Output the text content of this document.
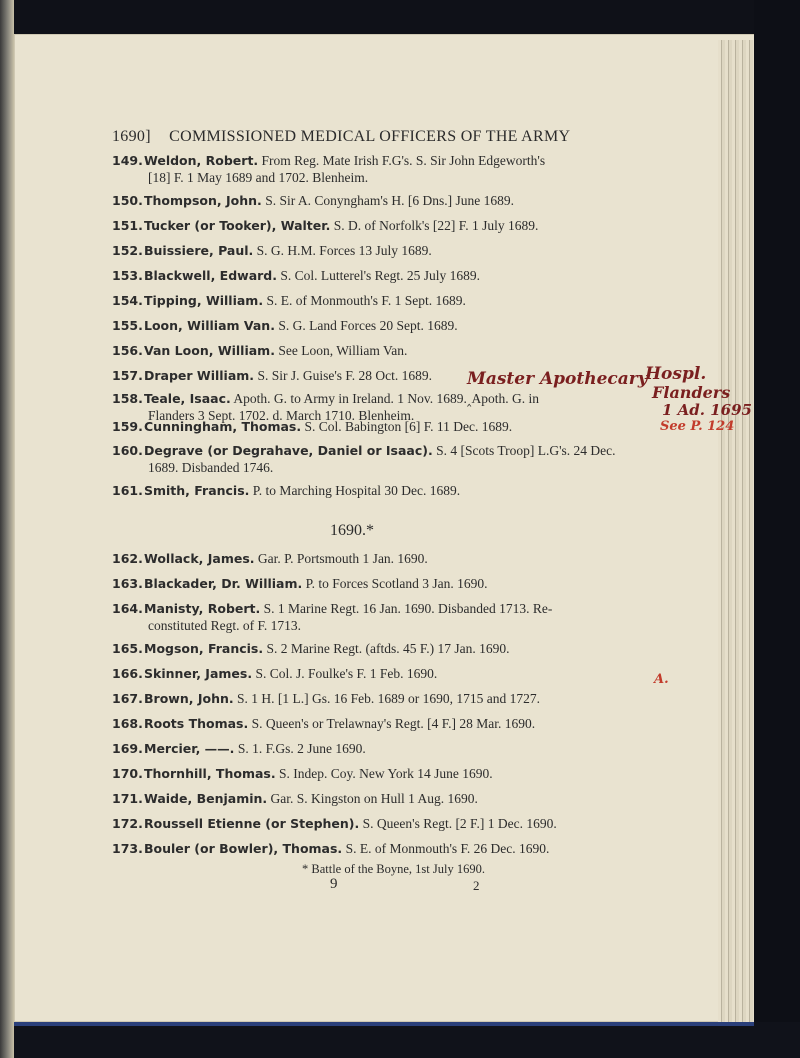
1690] COMMISSIONED MEDICAL OFFICERS OF THE ARMY
149.Weldon, Robert. From Reg. Mate Irish F.G's. S. Sir John Edgeworth's
[18] F. 1 May 1689 and 1702. Blenheim.
150.Thompson, John. S. Sir A. Conyngham's H. [6 Dns.] June 1689.
151.Tucker (or Tooker), Walter. S. D. of Norfolk's [22] F. 1 July 1689.
152.Buissiere, Paul. S. G. H.M. Forces 13 July 1689.
153.Blackwell, Edward. S. Col. Lutterel's Regt. 25 July 1689.
154.Tipping, William. S. E. of Monmouth's F. 1 Sept. 1689.
155.Loon, William Van. S. G. Land Forces 20 Sept. 1689.
156.Van Loon, William. See Loon, William Van.
157.Draper William. S. Sir J. Guise's F. 28 Oct. 1689.
158.Teale, Isaac. Apoth. G. to Army in Ireland. 1 Nov. 1689.‸Apoth. G. in
Flanders 3 Sept. 1702. d. March 1710. Blenheim.
159.Cunningham, Thomas. S. Col. Babington [6] F. 11 Dec. 1689.
160.Degrave (or Degrahave, Daniel or Isaac). S. 4 [Scots Troop] L.G's. 24 Dec.
1689. Disbanded 1746.
161.Smith, Francis. P. to Marching Hospital 30 Dec. 1689.
162.Wollack, James. Gar. P. Portsmouth 1 Jan. 1690.
163.Blackader, Dr. William. P. to Forces Scotland 3 Jan. 1690.
164.Manisty, Robert. S. 1 Marine Regt. 16 Jan. 1690. Disbanded 1713. Re-
constituted Regt. of F. 1713.
165.Mogson, Francis. S. 2 Marine Regt. (aftds. 45 F.) 17 Jan. 1690.
166.Skinner, James. S. Col. J. Foulke's F. 1 Feb. 1690.
167.Brown, John. S. 1 H. [1 L.] Gs. 16 Feb. 1689 or 1690, 1715 and 1727.
168.Roots Thomas. S. Queen's or Trelawnay's Regt. [4 F.] 28 Mar. 1690.
169.Mercier, ——. S. 1. F.Gs. 2 June 1690.
170.Thornhill, Thomas. S. Indep. Coy. New York 14 June 1690.
171.Waide, Benjamin. Gar. S. Kingston on Hull 1 Aug. 1690.
172.Roussell Etienne (or Stephen). S. Queen's Regt. [2 F.] 1 Dec. 1690.
173.Bouler (or Bowler), Thomas. S. E. of Monmouth's F. 26 Dec. 1690.
1690.*
* Battle of the Boyne, 1st July 1690.
9	2
Master Apothecary
Hospl.
Flanders
1 Ad. 1695
See P. 124
A.
